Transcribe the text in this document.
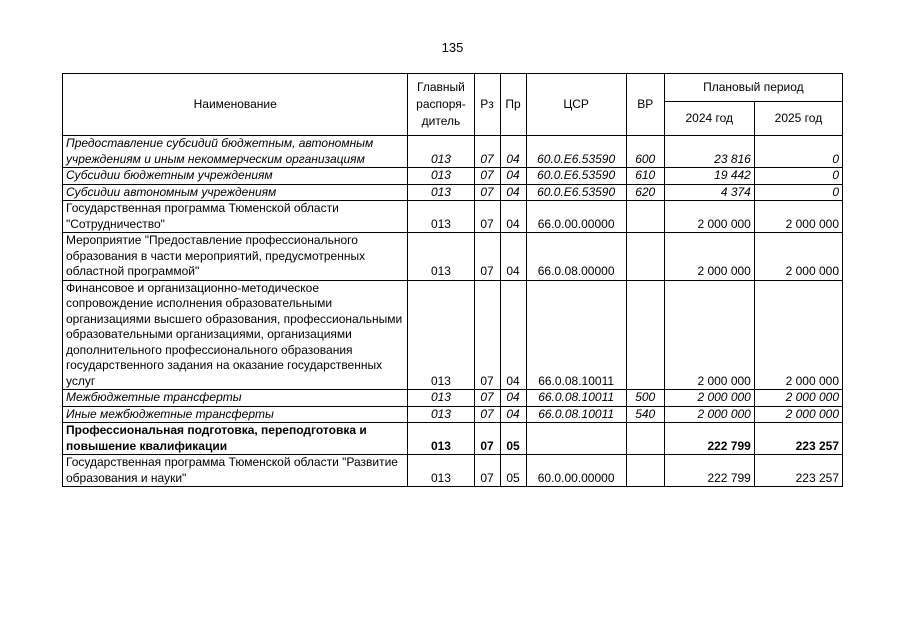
135
Наименование	Главный распоря-дитель	Рз	Пр	ЦСР	ВР	Плановый период	
						2024 год	2025 год
Предоставление субсидий бюджетным, автономным учреждениям и иным некоммерческим организациям	013	07	04	60.0.Е6.53590	600	23 816	0
Субсидии бюджетным учреждениям	013	07	04	60.0.Е6.53590	610	19 442	0
Субсидии автономным учреждениям	013	07	04	60.0.Е6.53590	620	4 374	0
Государственная программа Тюменской области "Сотрудничество"	013	07	04	66.0.00.00000		2 000 000	2 000 000
Мероприятие "Предоставление профессионального образования в части мероприятий, предусмотренных областной программой"	013	07	04	66.0.08.00000		2 000 000	2 000 000
Финансовое и организационно-методическое сопровождение исполнения образовательными организациями высшего образования, профессиональными образовательными организациями, организациями дополнительного профессионального образования государственного задания на оказание государственных услуг	013	07	04	66.0.08.10011		2 000 000	2 000 000
Межбюджетные трансферты	013	07	04	66.0.08.10011	500	2 000 000	2 000 000
Иные межбюджетные трансферты	013	07	04	66.0.08.10011	540	2 000 000	2 000 000
Профессиональная подготовка, переподготовка и повышение квалификации	013	07	05			222 799	223 257
Государственная программа Тюменской области "Развитие образования и науки"	013	07	05	60.0.00.00000		222 799	223 257
